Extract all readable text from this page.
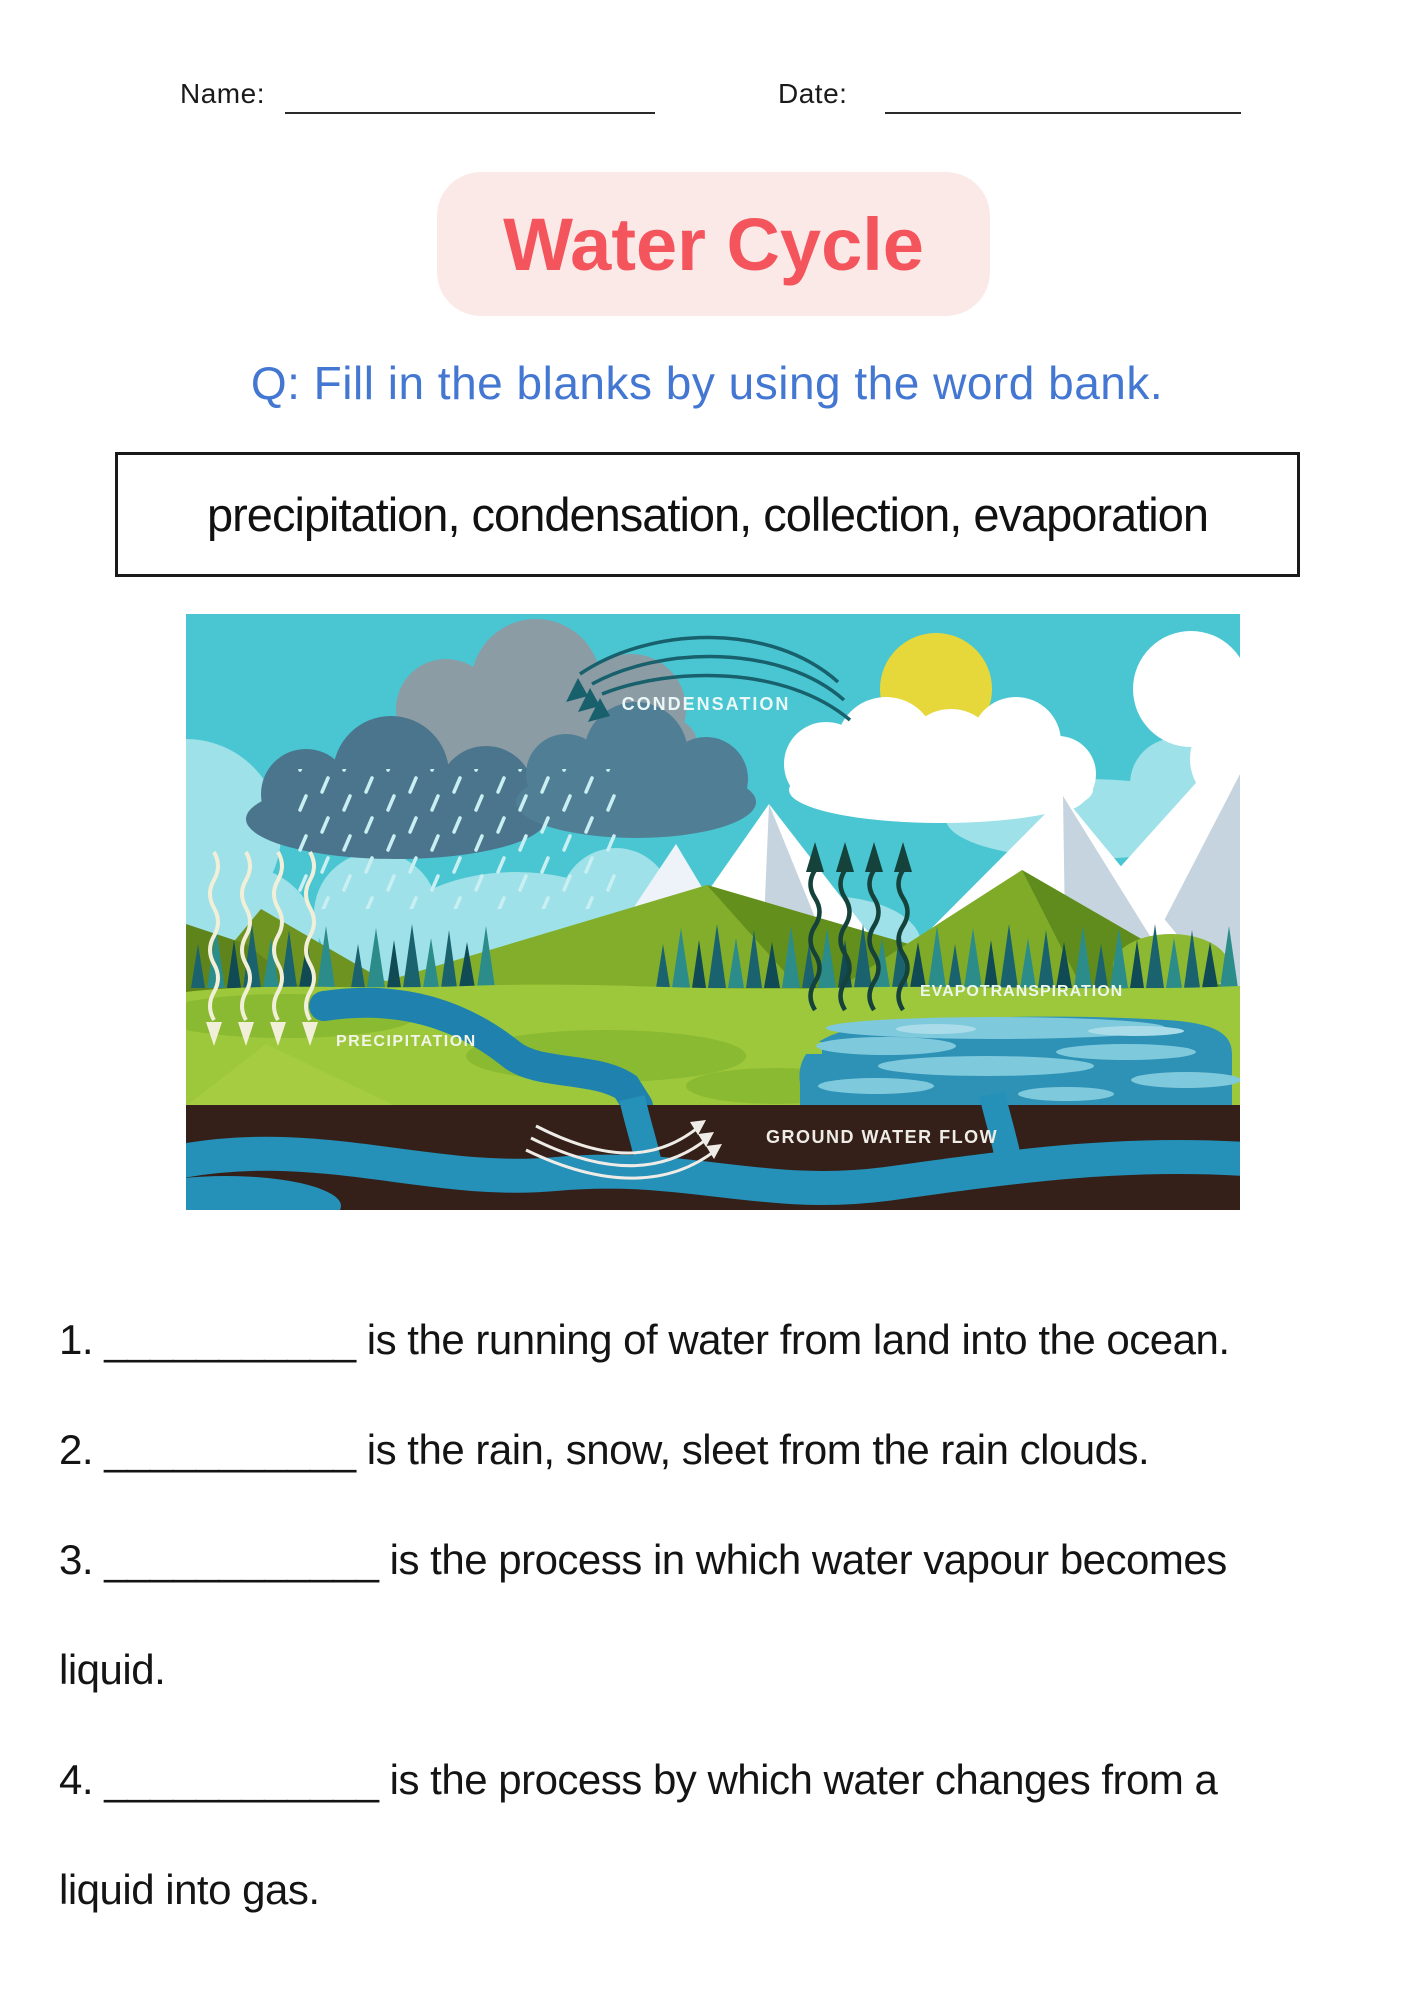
Name:	Date:
Water Cycle
Q: Fill in the blanks by using the word bank.
precipitation, condensation, collection, evaporation
CONDENSATION
EVAPOTRANSPIRATION
PRECIPITATION
GROUND WATER FLOW
1. ___________ is the running of water from land into the ocean.
2. ___________ is the rain, snow, sleet from the rain clouds.
3. ____________ is the process in which water vapour becomes
liquid.
4. ____________ is the process by which water changes from a
liquid into gas.
